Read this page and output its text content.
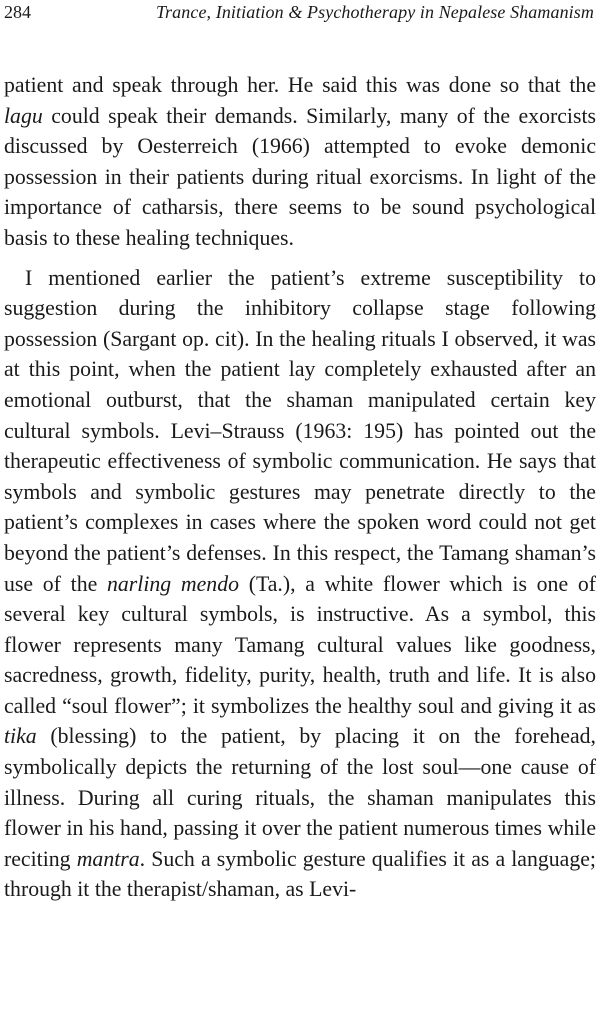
284	Trance, Initiation & Psychotherapy in Nepalese Shamanism

patient and speak through her. He said this was done so that the lagu could speak their demands. Similarly, many of the exorcists discussed by Oesterreich (1966) attempted to evoke demonic possession in their patients during ritual exorcisms. In light of the importance of catharsis, there seems to be sound psychological basis to these healing techniques.

I mentioned earlier the patient’s extreme susceptibility to suggestion during the inhibitory collapse stage following possession (Sargant op. cit). In the healing rituals I observed, it was at this point, when the patient lay completely exhausted after an emotional outburst, that the shaman manipulated certain key cultural symbols. Levi–Strauss (1963: 195) has pointed out the therapeutic effectiveness of symbolic communication. He says that symbols and symbolic gestures may penetrate directly to the patient’s complexes in cases where the spoken word could not get beyond the patient’s defenses. In this respect, the Tamang shaman’s use of the narling mendo (Ta.), a white flower which is one of several key cultural symbols, is instructive. As a symbol, this flower represents many Tamang cultural values like goodness, sacredness, growth, fidelity, purity, health, truth and life. It is also called “soul flower”; it symbolizes the healthy soul and giving it as tika (blessing) to the patient, by placing it on the forehead, symbolically depicts the returning of the lost soul—one cause of illness. During all curing rituals, the shaman manipulates this flower in his hand, passing it over the patient numerous times while reciting mantra. Such a symbolic gesture qualifies it as a language; through it the therapist/shaman, as Levi-
